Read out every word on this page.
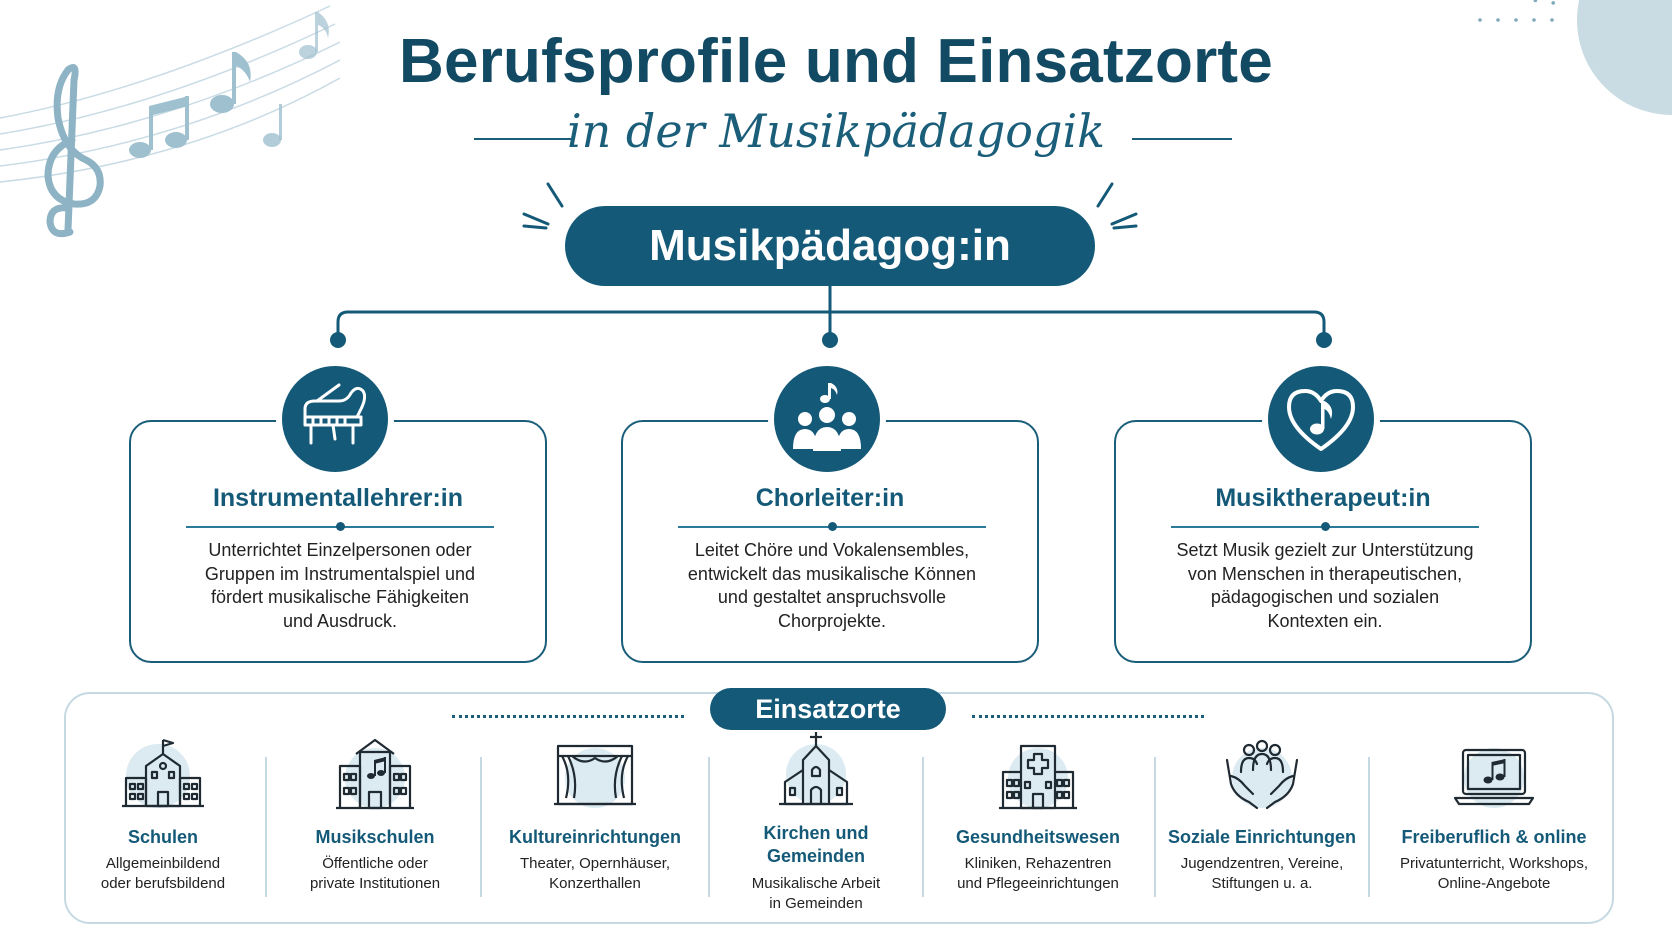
Berufsprofile und Einsatzorte
in der Musikpädagogik
Musikpädagog:in
Instrumentallehrer:in
Unterrichtet Einzelpersonen oder
Gruppen im Instrumentalspiel und
fördert musikalische Fähigkeiten
und Ausdruck.
Chorleiter:in
Leitet Chöre und Vokalensembles,
entwickelt das musikalische Können
und gestaltet anspruchsvolle
Chorprojekte.
Musiktherapeut:in
Setzt Musik gezielt zur Unterstützung
von Menschen in therapeutischen,
pädagogischen und sozialen
Kontexten ein.
Einsatzorte
Schulen
Allgemeinbildend
oder berufsbildend
Musikschulen
Öffentliche oder
private Institutionen
Kultureinrichtungen
Theater, Opernhäuser,
Konzerthallen
Kirchen und
Gemeinden
Musikalische Arbeit
in Gemeinden
Gesundheitswesen
Kliniken, Rehazentren
und Pflegeeinrichtungen
Soziale Einrichtungen
Jugendzentren, Vereine,
Stiftungen u. a.
Freiberuflich & online
Privatunterricht, Workshops,
Online-Angebote
